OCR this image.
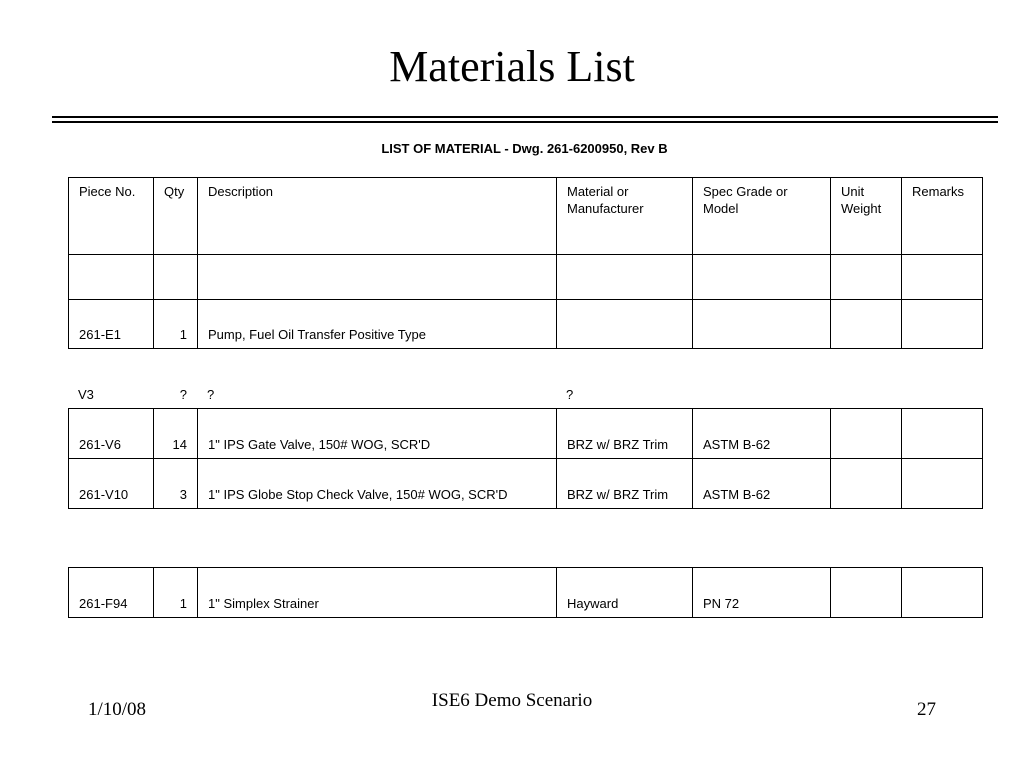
Materials List
LIST OF MATERIAL - Dwg. 261-6200950, Rev B
Piece No.	Qty	Description	Material or Manufacturer	Spec Grade or Model	Unit Weight	Remarks

261-E1	1	Pump, Fuel Oil Transfer Positive Type				
V3	?	?	?			
261-V6	14	1" IPS Gate Valve, 150# WOG, SCR'D	BRZ w/ BRZ Trim	ASTM B-62		
261-V10	3	1" IPS Globe Stop Check Valve, 150# WOG, SCR'D	BRZ w/ BRZ Trim	ASTM B-62		
261-F94	1	1" Simplex Strainer	Hayward	PN 72		
1/10/08	ISE6 Demo Scenario	27
